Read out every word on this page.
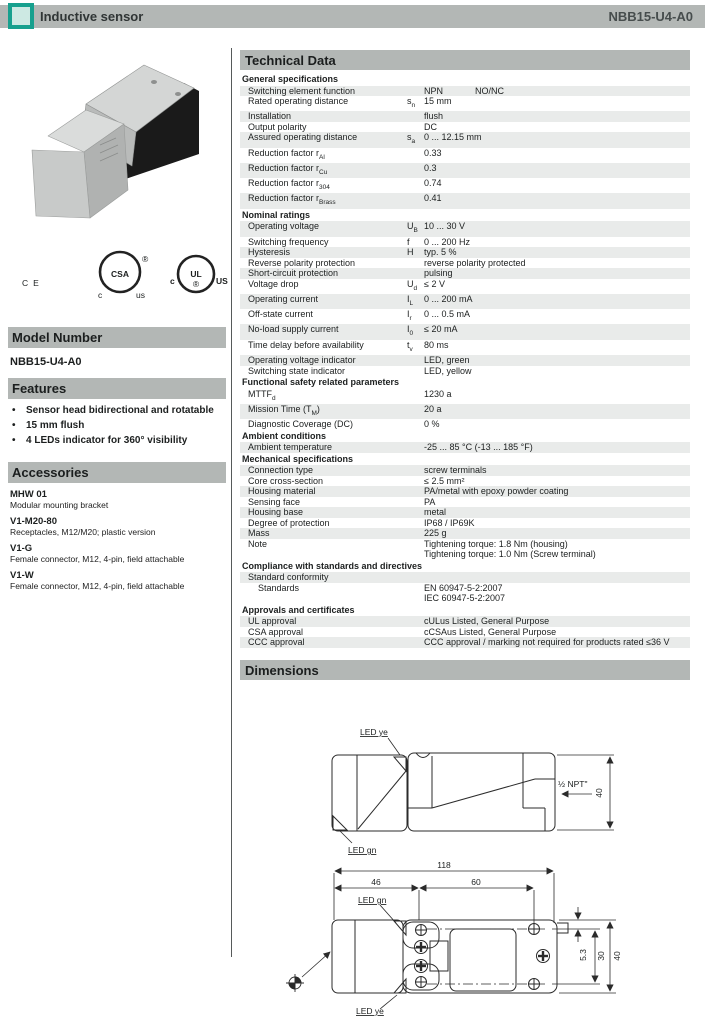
Inductive sensor	NBB15-U4-A0
CE
CSA
®
c	us
UL
®
c	US
Model Number
NBB15-U4-A0
Features
• Sensor head bidirectional and rotatable
• 15 mm flush
• 4 LEDs indicator for 360° visibility
Accessories
MHW 01
Modular mounting bracket
V1-M20-80
Receptacles, M12/M20; plastic version
V1-G
Female connector, M12, 4-pin, field attachable
V1-W
Female connector, M12, 4-pin, field attachable
Technical Data
General specifications
Switching element function	NPN	NO/NC
Rated operating distance	$s_n$ 15 mm
Installation	flush
Output polarity	DC
Assured operating distance	$s_a$ 0 ... 12.15 mm
Reduction factor $r_{Al}$	0.33
Reduction factor $r_{Cu}$	0.3
Reduction factor $r_{304}$	0.74
Reduction factor $r_{Brass}$	0.41
Nominal ratings
Operating voltage	$U_B$ 10 ... 30 V
Switching frequency	f	0 ... 200 Hz
Hysteresis	H	typ. 5 %
Reverse polarity protection	reverse polarity protected
Short-circuit protection	pulsing
Voltage drop	$U_d \le 2$ V
Operating current	$I_L$	0 ... 200 mA
Off-state current	$I_r$	0 ... 0.5 mA
No-load supply current	$I_0$	≤ 20 mA
Time delay before availability	$t_v$	80 ms
Operating voltage indicator	LED, green
Switching state indicator	LED, yellow
Functional safety related parameters
$MTTF_d$	1230 a
Mission Time $(T_M)$	20 a
Diagnostic Coverage (DC)	0 %
Ambient conditions
Ambient temperature	-25 ... 85 °C (-13 ... 185 °F)
Mechanical specifications
Connection type	screw terminals
Core cross-section	≤ 2.5 mm²
Housing material	PA/metal with epoxy powder coating
Sensing face	PA
Housing base	metal
Degree of protection	IP68 / IP69K
Mass	225 g
Note	Tightening torque: 1.8 Nm (housing)
Tightening torque: 1.0 Nm (Screw terminal)
Compliance with standards and directives
Standard conformity
Standards	EN 60947-5-2:2007
IEC 60947-5-2:2007
Approvals and certificates
UL approval	cULus Listed, General Purpose
CSA approval	cCSAus Listed, General Purpose
CCC approval	CCC approval / marking not required for products rated ≤36 V
Dimensions
LED ye
LED gn
½ NPT"
40
118
46	60
LED gn
LED ye
5.3 30 40
